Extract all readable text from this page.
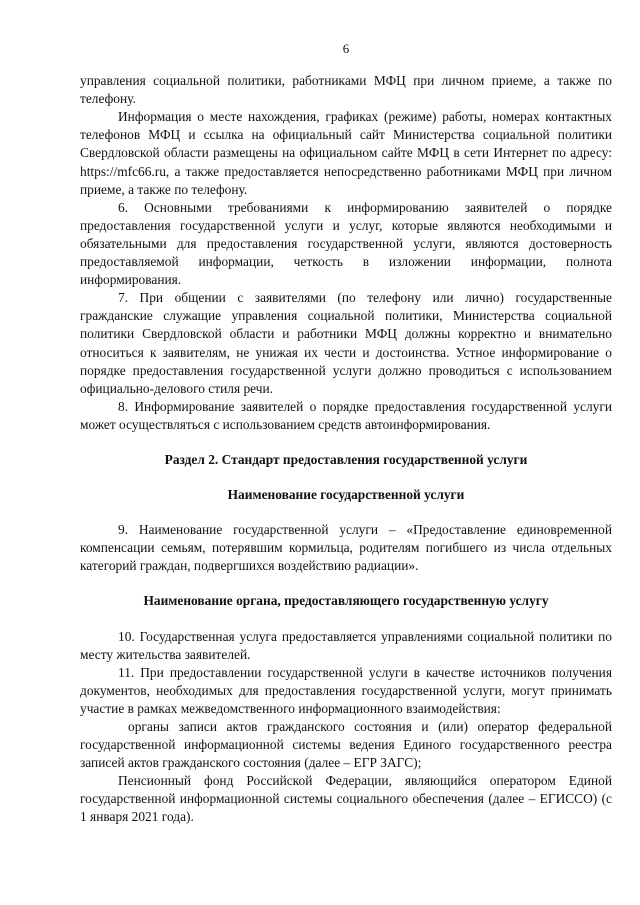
6

управления социальной политики, работниками МФЦ при личном приеме, а также по телефону.

Информация о месте нахождения, графиках (режиме) работы, номерах контактных телефонов МФЦ и ссылка на официальный сайт Министерства социальной политики Свердловской области размещены на официальном сайте МФЦ в сети Интернет по адресу: https://mfc66.ru, а также предоставляется непосредственно работниками МФЦ при личном приеме, а также по телефону.

6. Основными требованиями к информированию заявителей о порядке предоставления государственной услуги и услуг, которые являются необходимыми и обязательными для предоставления государственной услуги, являются достоверность предоставляемой информации, четкость в изложении информации, полнота информирования.

7. При общении с заявителями (по телефону или лично) государственные гражданские служащие управления социальной политики, Министерства социальной политики Свердловской области и работники МФЦ должны корректно и внимательно относиться к заявителям, не унижая их чести и достоинства. Устное информирование о порядке предоставления государственной услуги должно проводиться с использованием официально-делового стиля речи.

8. Информирование заявителей о порядке предоставления государственной услуги может осуществляться с использованием средств автоинформирования.

Раздел 2. Стандарт предоставления государственной услуги
Наименование государственной услуги

9. Наименование государственной услуги – «Предоставление единовременной компенсации семьям, потерявшим кормильца, родителям погибшего из числа отдельных категорий граждан, подвергшихся воздействию радиации».

Наименование органа, предоставляющего государственную услугу

10. Государственная услуга предоставляется управлениями социальной политики по месту жительства заявителей.

11. При предоставлении государственной услуги в качестве источников получения документов, необходимых для предоставления государственной услуги, могут принимать участие в рамках межведомственного информационного взаимодействия:

органы записи актов гражданского состояния и (или) оператор федеральной государственной информационной системы ведения Единого государственного реестра записей актов гражданского состояния (далее – ЕГР ЗАГС);

Пенсионный фонд Российской Федерации, являющийся оператором Единой государственной информационной системы социального обеспечения (далее – ЕГИССО) (с 1 января 2021 года).
